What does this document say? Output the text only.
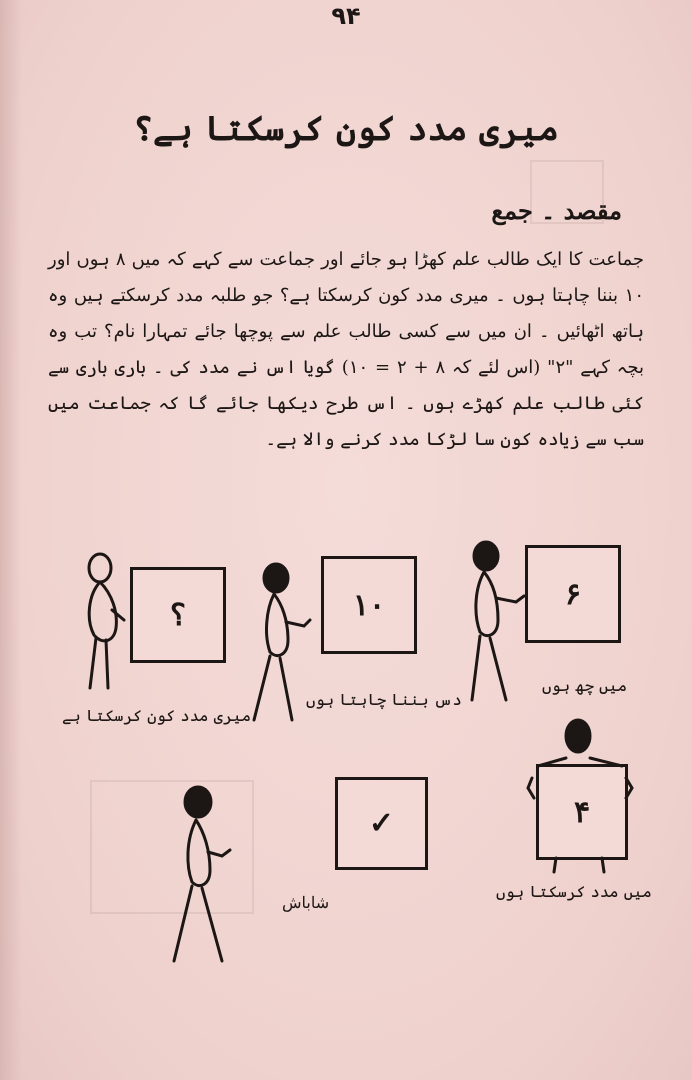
۹۴
میری مدد کون کرسکتا ہے؟
مقصد ۔ جمع
جماعت کا ایک طالب علم کھڑا ہو جائے اور جماعت سے کہے کہ میں ۸ ہوں اور ۱۰ بننا چاہتا ہوں ۔ میری مدد کون کرسکتا ہے؟ جو طلبہ مدد کرسکتے ہیں وہ ہاتھ اٹھائیں ۔ ان میں سے کسی طالب علم سے پوچھا جائے تمہارا نام؟ تب وہ بچہ کہے "۲" (اس لئے کہ ۸ + ۲ = ۱۰) گویا اس نے مدد کی ۔ باری باری سے کئی طالب علم کھڑے ہوں ۔ اس طرح دیکھا جائے گا کہ جماعت میں سب سے زیادہ کون سا لڑکا مدد کرنے والا ہے۔
؟	۱۰	۶
✓	۴
میری مدد کون کرسکتا ہے
دس بننا چاہتا ہوں
میں چھ ہوں
شاباش
میں مدد کرسکتا ہوں
